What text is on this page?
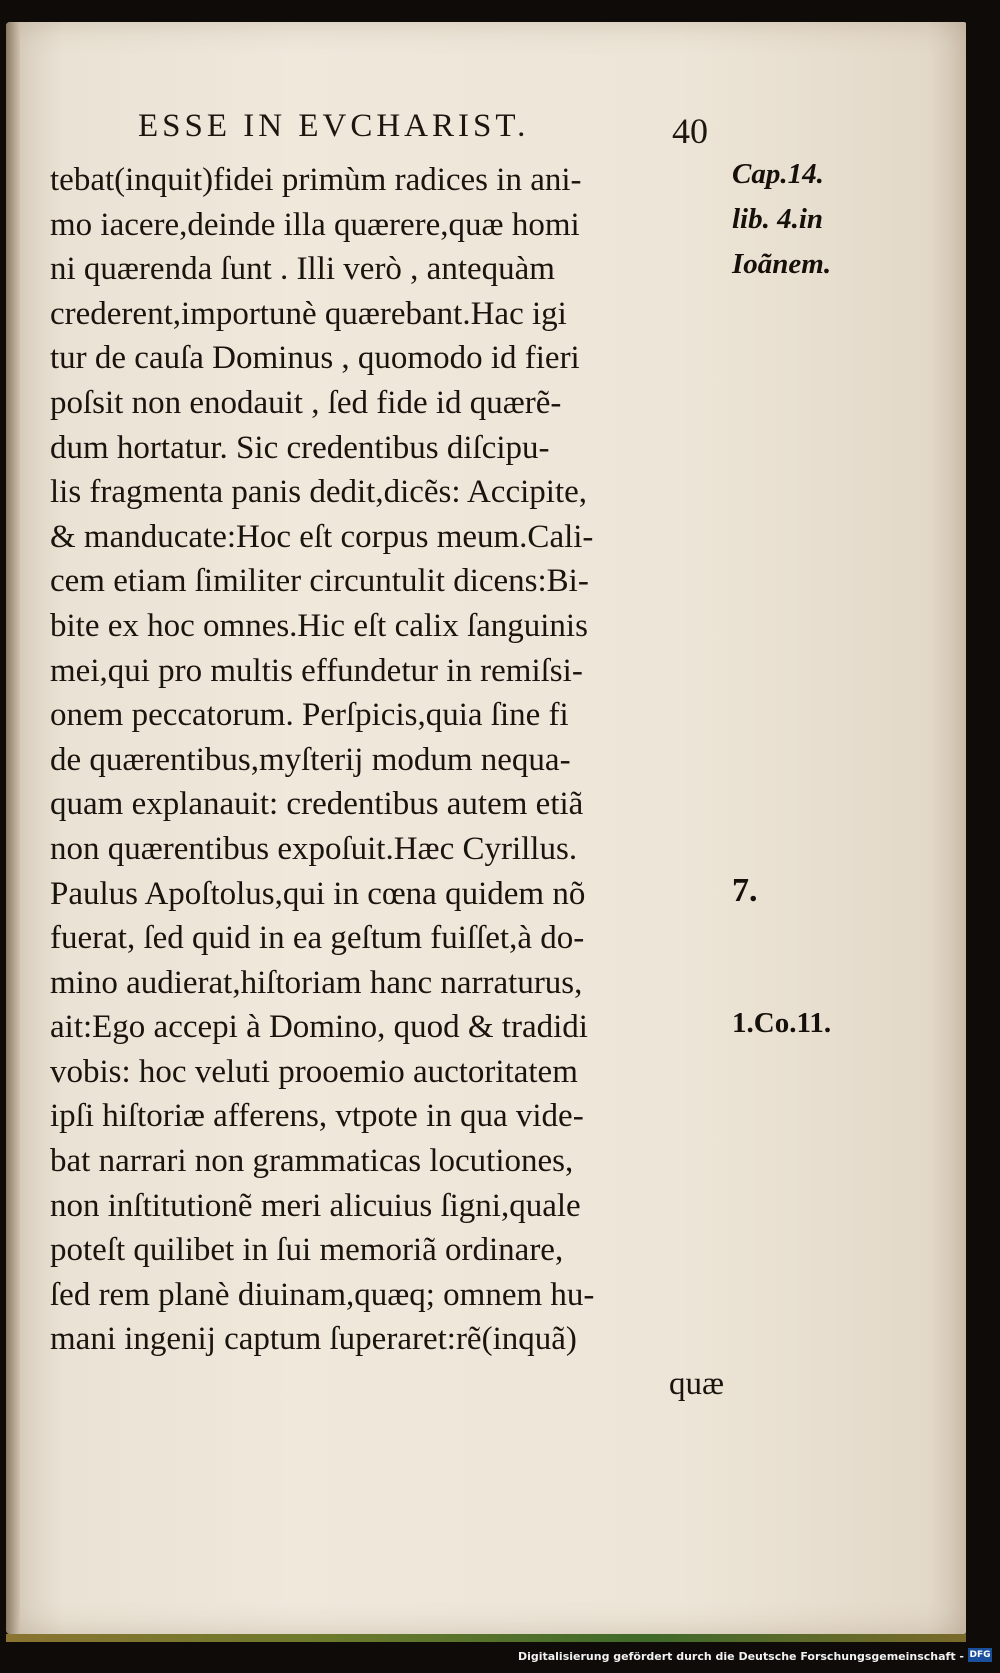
ESSE IN EVCHARIST.	40
tebat(inquit)fidei primùm radices in ani-
mo iacere,deinde illa quærere,quæ homi
ni quærenda ſunt . Illi verò , antequàm
crederent,importunè quærebant.Hac igi
tur de cauſa Dominus , quomodo id fieri
poſsit non enodauit , ſed fide id quærẽ-
dum hortatur. Sic credentibus diſcipu-
lis fragmenta panis dedit,dicẽs: Accipite,
& manducate:Hoc eſt corpus meum.Cali-
cem etiam ſimiliter circuntulit dicens:Bi-
bite ex hoc omnes.Hic eſt calix ſanguinis
mei,qui pro multis effundetur in remiſsi-
onem peccatorum. Perſpicis,quia ſine fi
de quærentibus,myſterij modum nequa-
quam explanauit: credentibus autem etiã
non quærentibus expoſuit.Hæc Cyrillus.
Paulus Apoſtolus,qui in cœna quidem nõ
fuerat, ſed quid in ea geſtum fuiſſet,à do-
mino audierat,hiſtoriam hanc narraturus,
ait:Ego accepi à Domino, quod & tradidi
vobis: hoc veluti prooemio auctoritatem
ipſi hiſtoriæ afferens, vtpote in qua vide-
bat narrari non grammaticas locutiones,
non inſtitutionẽ meri alicuius ſigni,quale
poteſt quilibet in ſui memoriã ordinare,
ſed rem planè diuinam,quæq; omnem hu-
mani ingenij captum ſuperaret:rẽ(inquã)
quæ
Cap.14.
lib. 4.in
Ioãnem.
7.
1.Co.11.
Digitalisierung gefördert durch die Deutsche Forschungsgemeinschaft - DFG
